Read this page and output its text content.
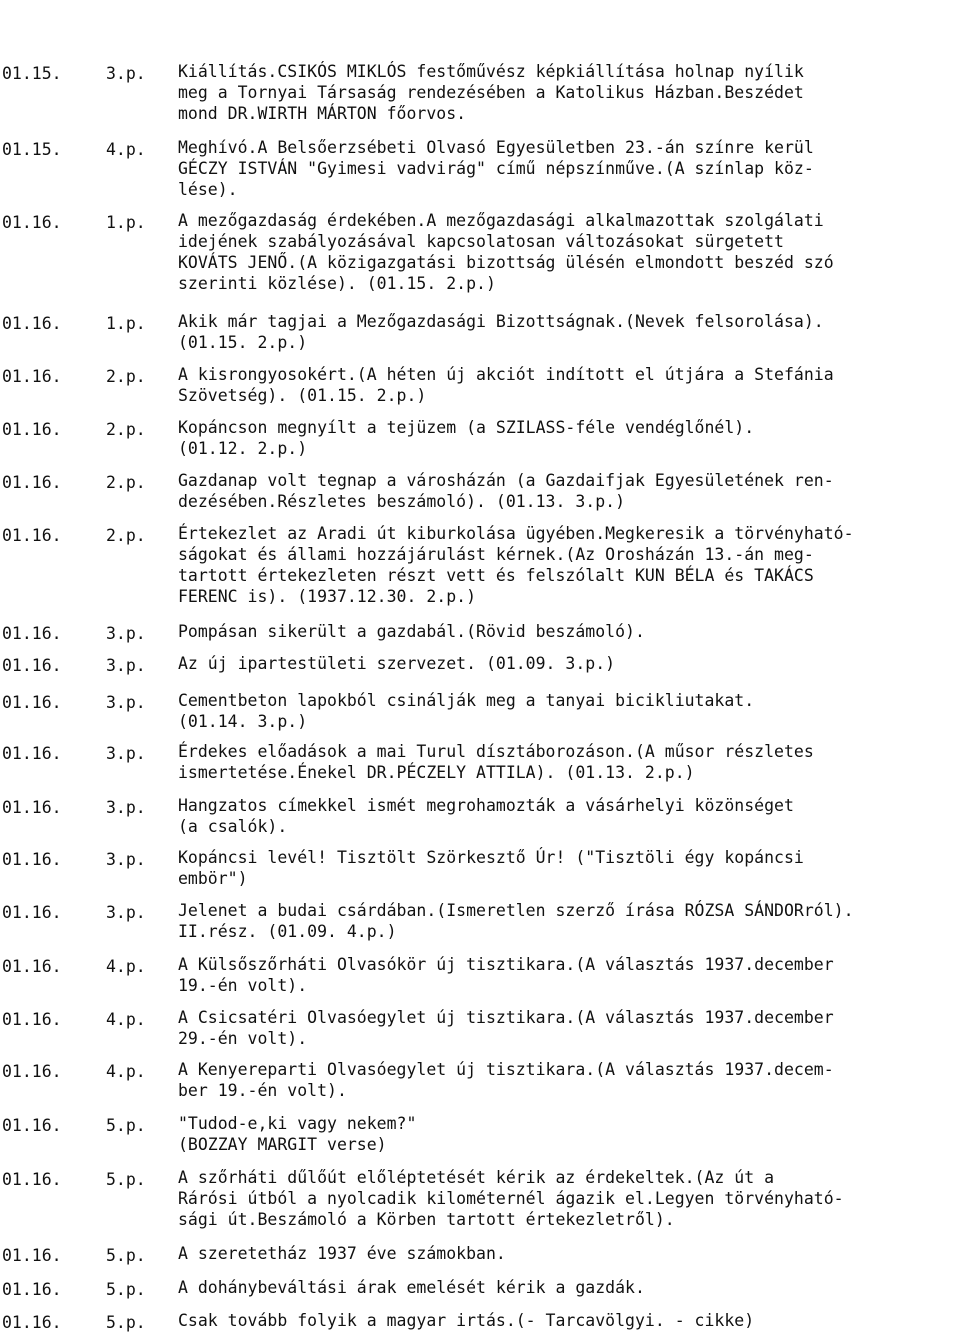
01.15.	3.p. Kiállítás.CSIKÓS MIKLÓS festőművész képkiállítása holnap nyílik
meg a Tornyai Társaság rendezésében a Katolikus Házban.Beszédet
mond DR.WIRTH MÁRTON főorvos.
01.15.	4.p. Meghívó.A Belsőerzsébeti Olvasó Egyesületben 23.-án színre kerül
GÉCZY ISTVÁN "Gyimesi vadvirág" című népszínműve.(A színlap köz-
lése).
01.16.	1.p. A mezőgazdaság érdekében.A mezőgazdasági alkalmazottak szolgálati
idejének szabályozásával kapcsolatosan változásokat sürgetett
KOVÁTS JENŐ.(A közigazgatási bizottság ülésén elmondott beszéd szó
szerinti közlése). (01.15. 2.p.)
01.16.	1.p. Akik már tagjai a Mezőgazdasági Bizottságnak.(Nevek felsorolása).
(01.15. 2.p.)
01.16.	2.p. A kisrongyosokért.(A héten új akciót indított el útjára a Stefánia
Szövetség). (01.15. 2.p.)
01.16.	2.p. Kopáncson megnyílt a tejüzem (a SZILASS-féle vendéglőnél).
(01.12. 2.p.)
01.16.	2.p. Gazdanap volt tegnap a városházán (a Gazdaifjak Egyesületének ren-
dezésében.Részletes beszámoló). (01.13. 3.p.)
01.16.	2.p. Értekezlet az Aradi út kiburkolása ügyében.Megkeresik a törvényható-
ságokat és állami hozzájárulást kérnek.(Az Orosházán 13.-án meg-
tartott értekezleten részt vett és felszólalt KUN BÉLA és TAKÁCS
FERENC is). (1937.12.30. 2.p.)
01.16.	3.p. Pompásan sikerült a gazdabál.(Rövid beszámoló).
01.16.	3.p. Az új ipartestületi szervezet. (01.09. 3.p.)
01.16.	3.p. Cementbeton lapokból csinálják meg a tanyai bicikliutakat.
(01.14. 3.p.)
01.16.	3.p. Érdekes előadások a mai Turul dísztáborozáson.(A műsor részletes
ismertetése.Énekel DR.PÉCZELY ATTILA). (01.13. 2.p.)
01.16.	3.p. Hangzatos címekkel ismét megrohamozták a vásárhelyi közönséget
(a csalók).
01.16.	3.p. Kopáncsi levél! Tisztölt Szörkesztő Úr! ("Tisztöli égy kopáncsi
embör")
01.16.	3.p. Jelenet a budai csárdában.(Ismeretlen szerző írása RÓZSA SÁNDORról).
II.rész. (01.09. 4.p.)
01.16.	4.p. A Külsőszőrháti Olvasókör új tisztikara.(A választás 1937.december
19.-én volt).
01.16.	4.p. A Csicsatéri Olvasóegylet új tisztikara.(A választás 1937.december
29.-én volt).
01.16.	4.p. A Kenyereparti Olvasóegylet új tisztikara.(A választás 1937.decem-
ber 19.-én volt).
01.16.	5.p. "Tudod-e,ki vagy nekem?"
(BOZZAY MARGIT verse)
01.16.	5.p. A szőrháti dűlőút előléptetését kérik az érdekeltek.(Az út a
Rárósi útból a nyolcadik kilométernél ágazik el.Legyen törvényható-
sági út.Beszámoló a Körben tartott értekezletről).
01.16.	5.p. A szeretetház 1937 éve számokban.
01.16.	5.p. A dohánybeváltási árak emelését kérik a gazdák.
01.16.	5.p. Csak tovább folyik a magyar irtás.(- Tarcavölgyi. - cikke)
